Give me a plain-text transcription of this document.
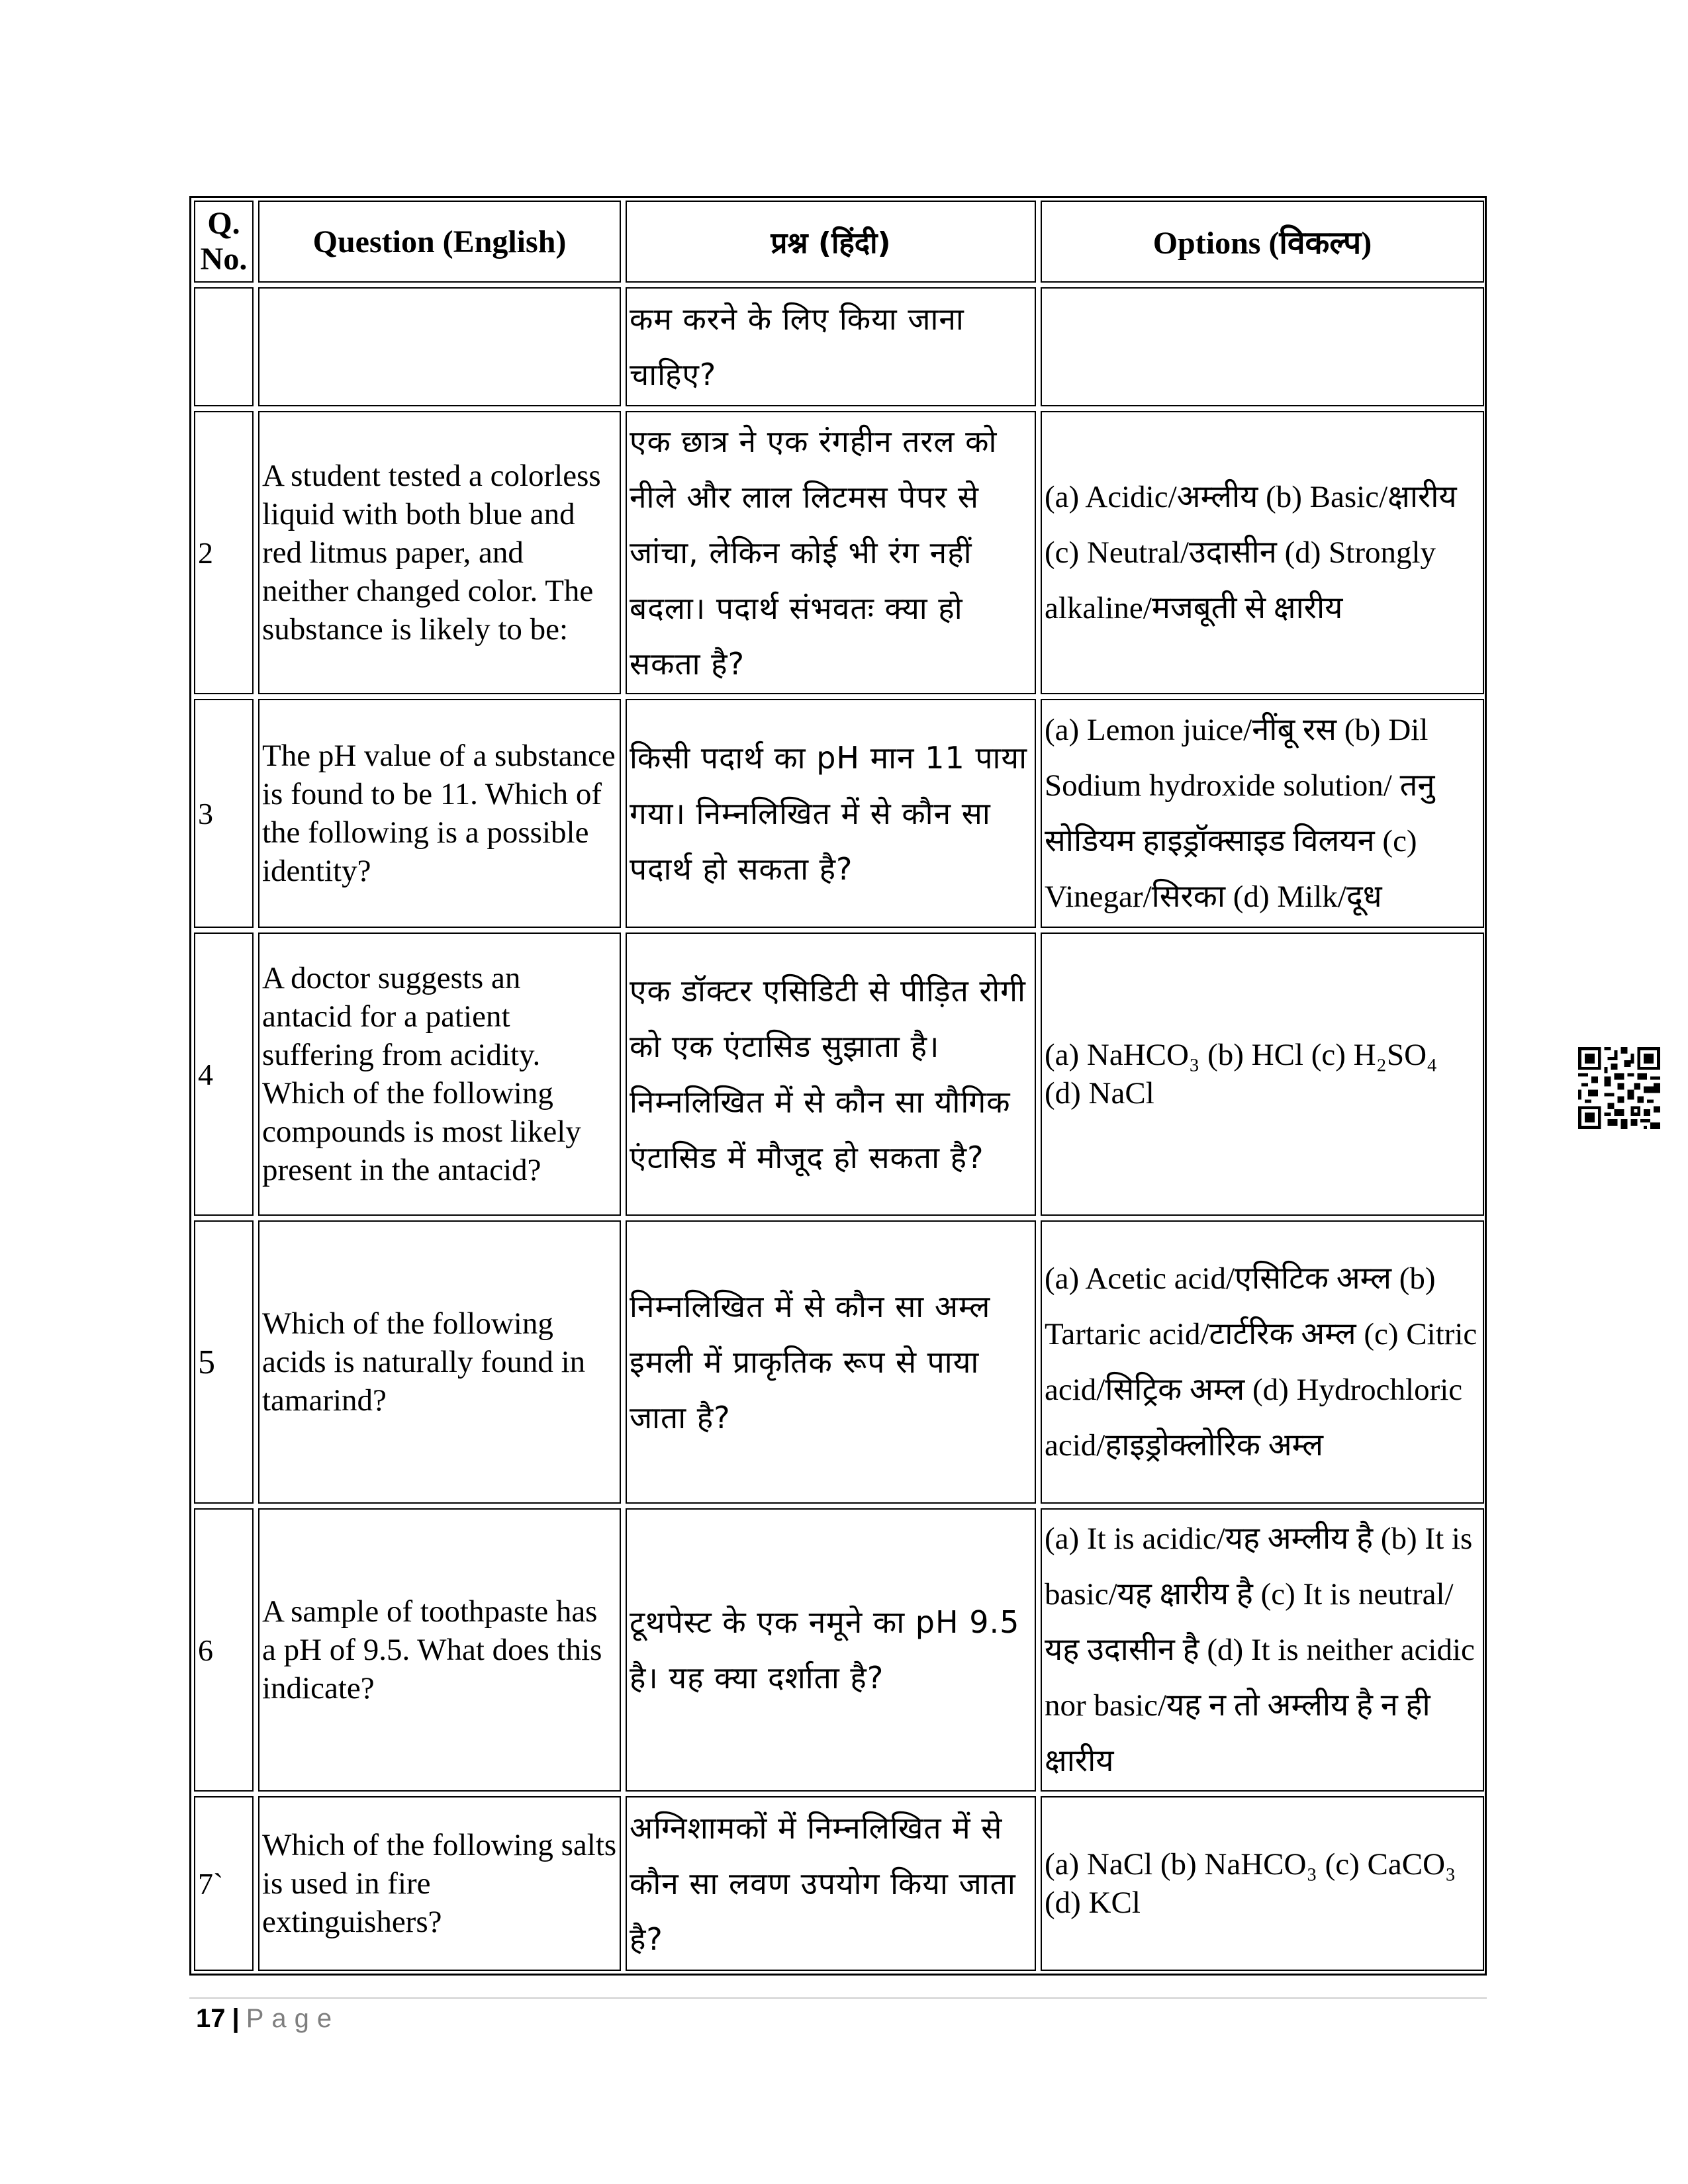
Q. No.	Question (English)	प्रश्न (हिंदी)	Options (विकल्प)
		कम करने के लिए किया जाना चाहिए?	
2	A student tested a colorless liquid with both blue and red litmus paper, and neither changed color. The substance is likely to be:	एक छात्र ने एक रंगहीन तरल को नीले और लाल लिटमस पेपर से जांचा, लेकिन कोई भी रंग नहीं बदला। पदार्थ संभवतः क्या हो सकता है?	(a) Acidic/अम्लीय (b) Basic/क्षारीय (c) Neutral/उदासीन (d) Strongly alkaline/मजबूती से क्षारीय
3	The pH value of a substance is found to be 11. Which of the following is a possible identity?	किसी पदार्थ का pH मान 11 पाया गया। निम्नलिखित में से कौन सा पदार्थ हो सकता है?	(a) Lemon juice/नींबू रस (b) Dil Sodium hydroxide solution/ तनु सोडियम हाइड्रॉक्साइड विलयन (c) Vinegar/सिरका (d) Milk/दूध
4	A doctor suggests an antacid for a patient suffering from acidity. Which of the following compounds is most likely present in the antacid?	एक डॉक्टर एसिडिटी से पीड़ित रोगी को एक एंटासिड सुझाता है। निम्नलिखित में से कौन सा यौगिक एंटासिड में मौजूद हो सकता है?	(a) NaHCO₃ (b) HCl (c) H₂SO₄ (d) NaCl
5	Which of the following acids is naturally found in tamarind?	निम्नलिखित में से कौन सा अम्ल इमली में प्राकृतिक रूप से पाया जाता है?	(a) Acetic acid/एसिटिक अम्ल (b) Tartaric acid/टार्टरिक अम्ल (c) Citric acid/सिट्रिक अम्ल (d) Hydrochloric acid/हाइड्रोक्लोरिक अम्ल
6	A sample of toothpaste has a pH of 9.5. What does this indicate?	टूथपेस्ट के एक नमूने का pH 9.5 है। यह क्या दर्शाता है?	(a) It is acidic/यह अम्लीय है (b) It is basic/यह क्षारीय है (c) It is neutral/यह उदासीन है (d) It is neither acidic nor basic/यह न तो अम्लीय है न ही क्षारीय
7`	Which of the following salts is used in fire extinguishers?	अग्निशामकों में निम्नलिखित में से कौन सा लवण उपयोग किया जाता है?	(a) NaCl (b) NaHCO₃ (c) CaCO₃ (d) KCl
17 | Page
